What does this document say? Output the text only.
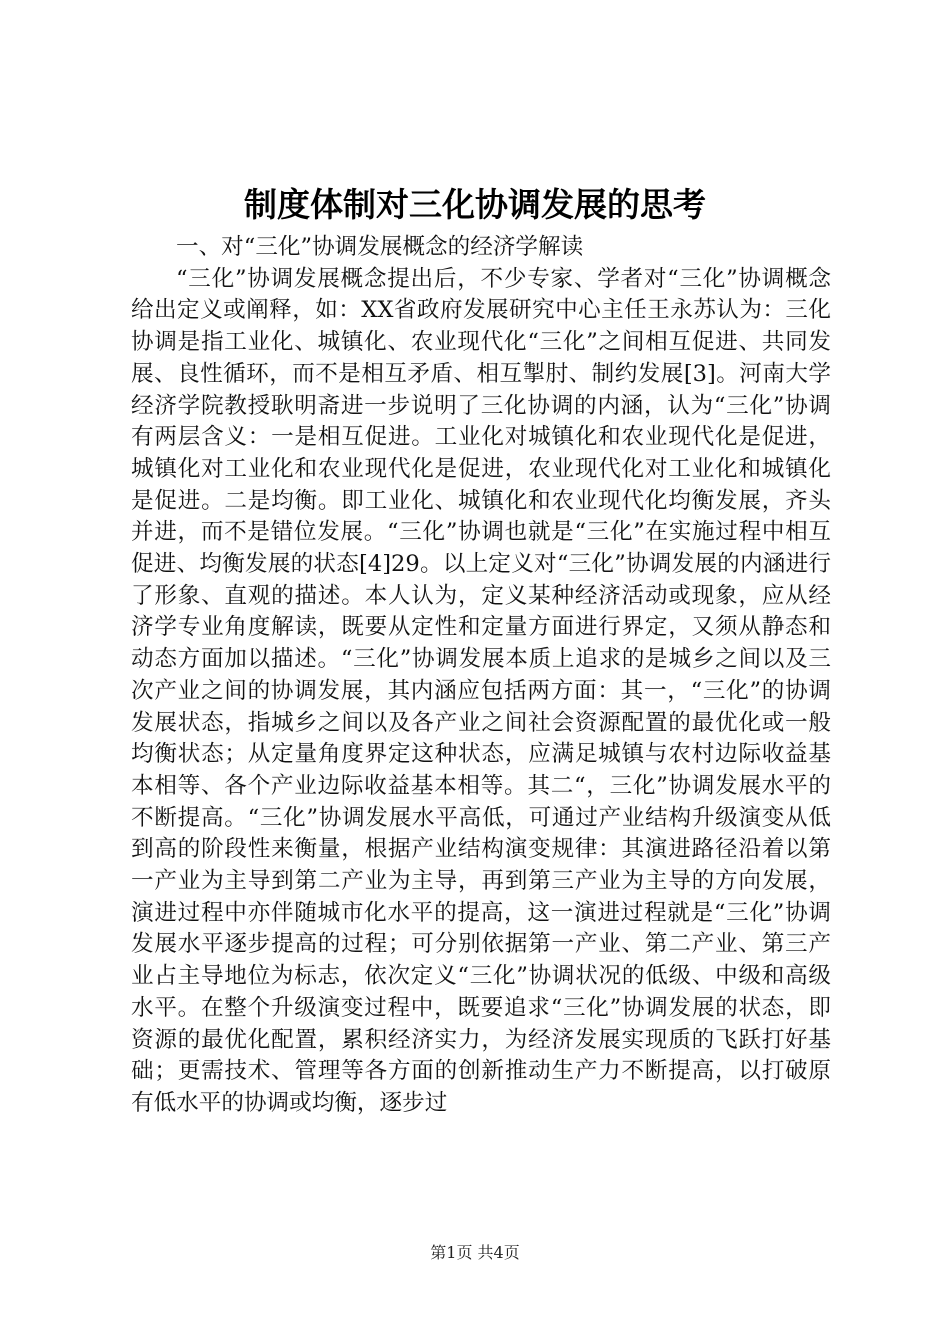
制度体制对三化协调发展的思考

一、对“三化”协调发展概念的经济学解读

“三化”协调发展概念提出后，不少专家、学者对“三化”协调概念给出定义或阐释，如：XX省政府发展研究中心主任王永苏认为：三化协调是指工业化、城镇化、农业现代化“三化”之间相互促进、共同发展、良性循环，而不是相互矛盾、相互掣肘、制约发展[3]。河南大学经济学院教授耿明斋进一步说明了三化协调的内涵，认为“三化”协调有两层含义：一是相互促进。工业化对城镇化和农业现代化是促进，城镇化对工业化和农业现代化是促进，农业现代化对工业化和城镇化是促进。二是均衡。即工业化、城镇化和农业现代化均衡发展，齐头并进，而不是错位发展。“三化”协调也就是“三化”在实施过程中相互促进、均衡发展的状态[4]29。以上定义对“三化”协调发展的内涵进行了形象、直观的描述。本人认为，定义某种经济活动或现象，应从经济学专业角度解读，既要从定性和定量方面进行界定，又须从静态和动态方面加以描述。“三化”协调发展本质上追求的是城乡之间以及三次产业之间的协调发展，其内涵应包括两方面：其一，“三化”的协调发展状态，指城乡之间以及各产业之间社会资源配置的最优化或一般均衡状态；从定量角度界定这种状态，应满足城镇与农村边际收益基本相等、各个产业边际收益基本相等。其二“，三化”协调发展水平的不断提高。“三化”协调发展水平高低，可通过产业结构升级演变从低到高的阶段性来衡量，根据产业结构演变规律：其演进路径沿着以第一产业为主导到第二产业为主导，再到第三产业为主导的方向发展，演进过程中亦伴随城市化水平的提高，这一演进过程就是“三化”协调发展水平逐步提高的过程；可分别依据第一产业、第二产业、第三产业占主导地位为标志，依次定义“三化”协调状况的低级、中级和高级水平。在整个升级演变过程中，既要追求“三化”协调发展的状态，即资源的最优化配置，累积经济实力，为经济发展实现质的飞跃打好基础；更需技术、管理等各方面的创新推动生产力不断提高，以打破原有低水平的协调或均衡，逐步过

第1页 共4页
